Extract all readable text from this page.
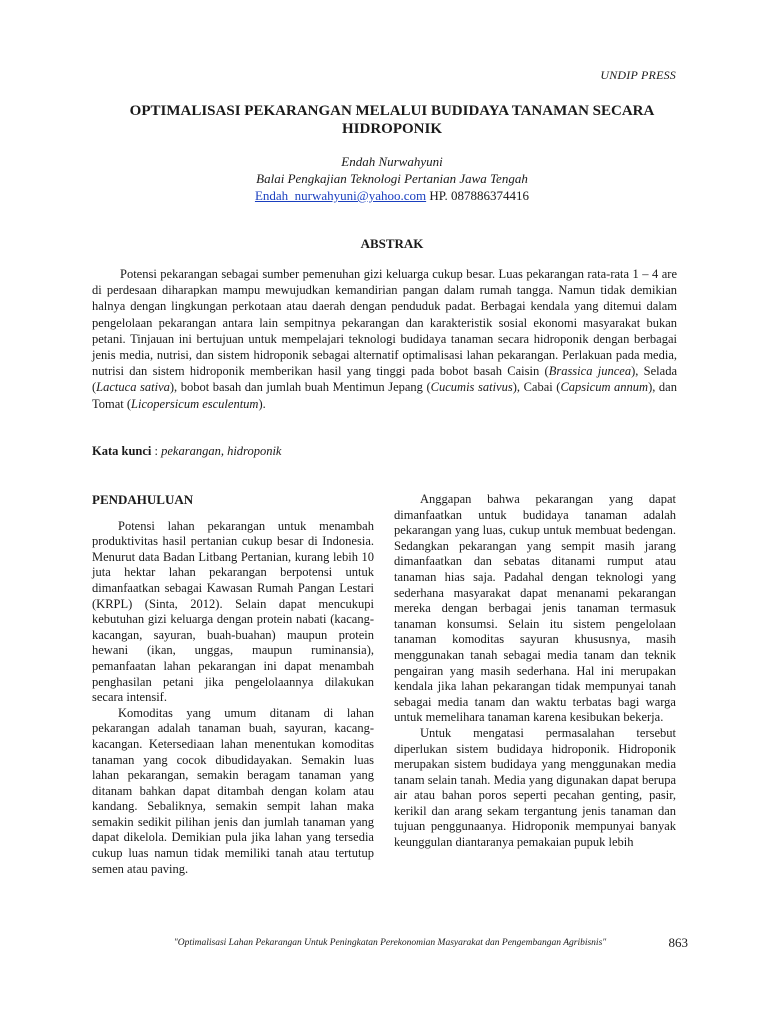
UNDIP PRESS
OPTIMALISASI PEKARANGAN MELALUI BUDIDAYA TANAMAN SECARA HIDROPONIK
Endah Nurwahyuni
Balai Pengkajian Teknologi Pertanian Jawa Tengah
Endah_nurwahyuni@yahoo.com HP. 087886374416
ABSTRAK

Potensi pekarangan sebagai sumber pemenuhan gizi keluarga cukup besar. Luas pekarangan rata-rata 1 – 4 are di perdesaan diharapkan mampu mewujudkan kemandirian pangan dalam rumah tangga. Namun tidak demikian halnya dengan lingkungan perkotaan atau daerah dengan penduduk padat. Berbagai kendala yang ditemui dalam pengelolaan pekarangan antara lain sempitnya pekarangan dan karakteristik sosial ekonomi masyarakat bukan petani. Tinjauan ini bertujuan untuk mempelajari teknologi budidaya tanaman secara hidroponik dengan berbagai jenis media, nutrisi, dan sistem hidroponik sebagai alternatif optimalisasi lahan pekarangan. Perlakuan pada media, nutrisi dan sistem hidroponik memberikan hasil yang tinggi pada bobot basah Caisin (Brassica juncea), Selada (Lactuca sativa), bobot basah dan jumlah buah Mentimun Jepang (Cucumis sativus), Cabai (Capsicum annum), dan Tomat (Licopersicum esculentum).

Kata kunci : pekarangan, hidroponik
PENDAHULUAN

Potensi lahan pekarangan untuk menambah produktivitas hasil pertanian cukup besar di Indonesia. Menurut data Badan Litbang Pertanian, kurang lebih 10 juta hektar lahan pekarangan berpotensi untuk dimanfaatkan sebagai Kawasan Rumah Pangan Lestari (KRPL) (Sinta, 2012). Selain dapat mencukupi kebutuhan gizi keluarga dengan protein nabati (kacang-kacangan, sayuran, buah-buahan) maupun protein hewani (ikan, unggas, maupun ruminansia), pemanfaatan lahan pekarangan ini dapat menambah penghasilan petani jika pengelolaannya dilakukan secara intensif.

Komoditas yang umum ditanam di lahan pekarangan adalah tanaman buah, sayuran, kacang-kacangan. Ketersediaan lahan menentukan komoditas tanaman yang cocok dibudidayakan. Semakin luas lahan pekarangan, semakin beragam tanaman yang ditanam bahkan dapat ditambah dengan kolam atau kandang. Sebaliknya, semakin sempit lahan maka semakin sedikit pilihan jenis dan jumlah tanaman yang dapat dikelola. Demikian pula jika lahan yang tersedia cukup luas namun tidak memiliki tanah atau tertutup semen atau paving.

Anggapan bahwa pekarangan yang dapat dimanfaatkan untuk budidaya tanaman adalah pekarangan yang luas, cukup untuk membuat bedengan. Sedangkan pekarangan yang sempit masih jarang dimanfaatkan dan sebatas ditanami rumput atau tanaman hias saja. Padahal dengan teknologi yang sederhana masyarakat dapat menanami pekarangan mereka dengan berbagai jenis tanaman termasuk tanaman konsumsi. Selain itu sistem pengelolaan tanaman komoditas sayuran khususnya, masih menggunakan tanah sebagai media tanam dan teknik pengairan yang masih sederhana. Hal ini merupakan kendala jika lahan pekarangan tidak mempunyai tanah sebagai media tanam dan waktu terbatas bagi warga untuk memelihara tanaman karena kesibukan bekerja.

Untuk mengatasi permasalahan tersebut diperlukan sistem budidaya hidroponik. Hidroponik merupakan sistem budidaya yang menggunakan media tanam selain tanah. Media yang digunakan dapat berupa air atau bahan poros seperti pecahan genting, pasir, kerikil dan arang sekam tergantung jenis tanaman dan tujuan penggunaanya. Hidroponik mempunyai banyak keunggulan diantaranya pemakaian pupuk lebih

"Optimalisasi Lahan Pekarangan Untuk Peningkatan Perekonomian Masyarakat dan Pengembangan Agribisnis"	863
